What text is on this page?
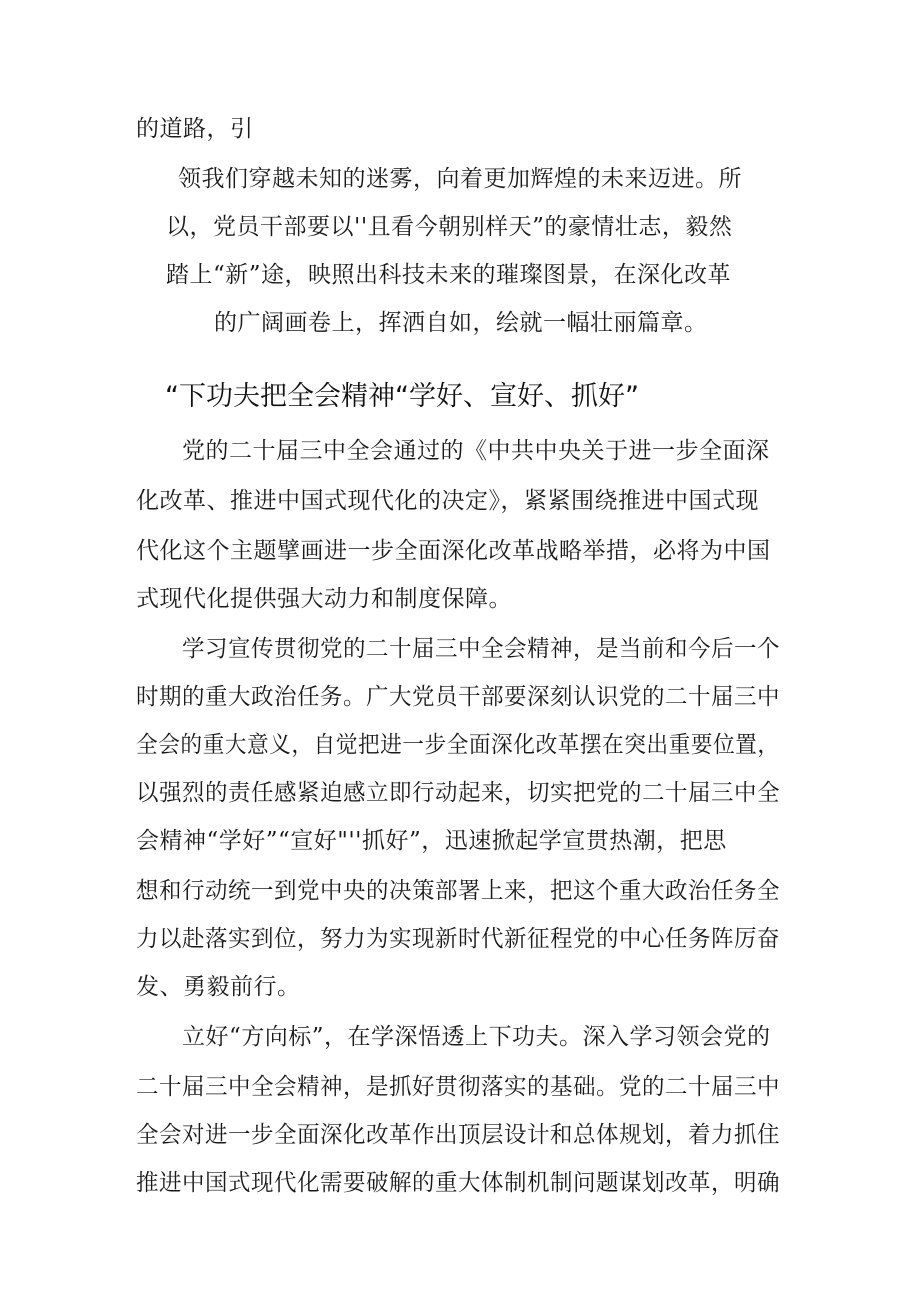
的道路，引
领我们穿越未知的迷雾，向着更加辉煌的未来迈进。所
以，党员干部要以''且看今朝别样天”的豪情壮志，毅然
踏上“新”途，映照出科技未来的璀璨图景，在深化改革
的广阔画卷上，挥洒自如，绘就一幅壮丽篇章。
“下功夫把全会精神“学好、宣好、抓好”
党的二十届三中全会通过的《中共中央关于进一步全面深
化改革、推进中国式现代化的决定》，紧紧围绕推进中国式现
代化这个主题擘画进一步全面深化改革战略举措，必将为中国
式现代化提供强大动力和制度保障。
学习宣传贯彻党的二十届三中全会精神，是当前和今后一个
时期的重大政治任务。广大党员干部要深刻认识党的二十届三中
全会的重大意义，自觉把进一步全面深化改革摆在突出重要位置，
以强烈的责任感紧迫感立即行动起来，切实把党的二十届三中全
会精神“学好”“宣好"''抓好”，迅速掀起学宣贯热潮，把思
想和行动统一到党中央的决策部署上来，把这个重大政治任务全
力以赴落实到位，努力为实现新时代新征程党的中心任务阵厉奋
发、勇毅前行。
立好“方向标”，在学深悟透上下功夫。深入学习领会党的
二十届三中全会精神，是抓好贯彻落实的基础。党的二十届三中
全会对进一步全面深化改革作出顶层设计和总体规划，着力抓住
推进中国式现代化需要破解的重大体制机制问题谋划改革，明确
